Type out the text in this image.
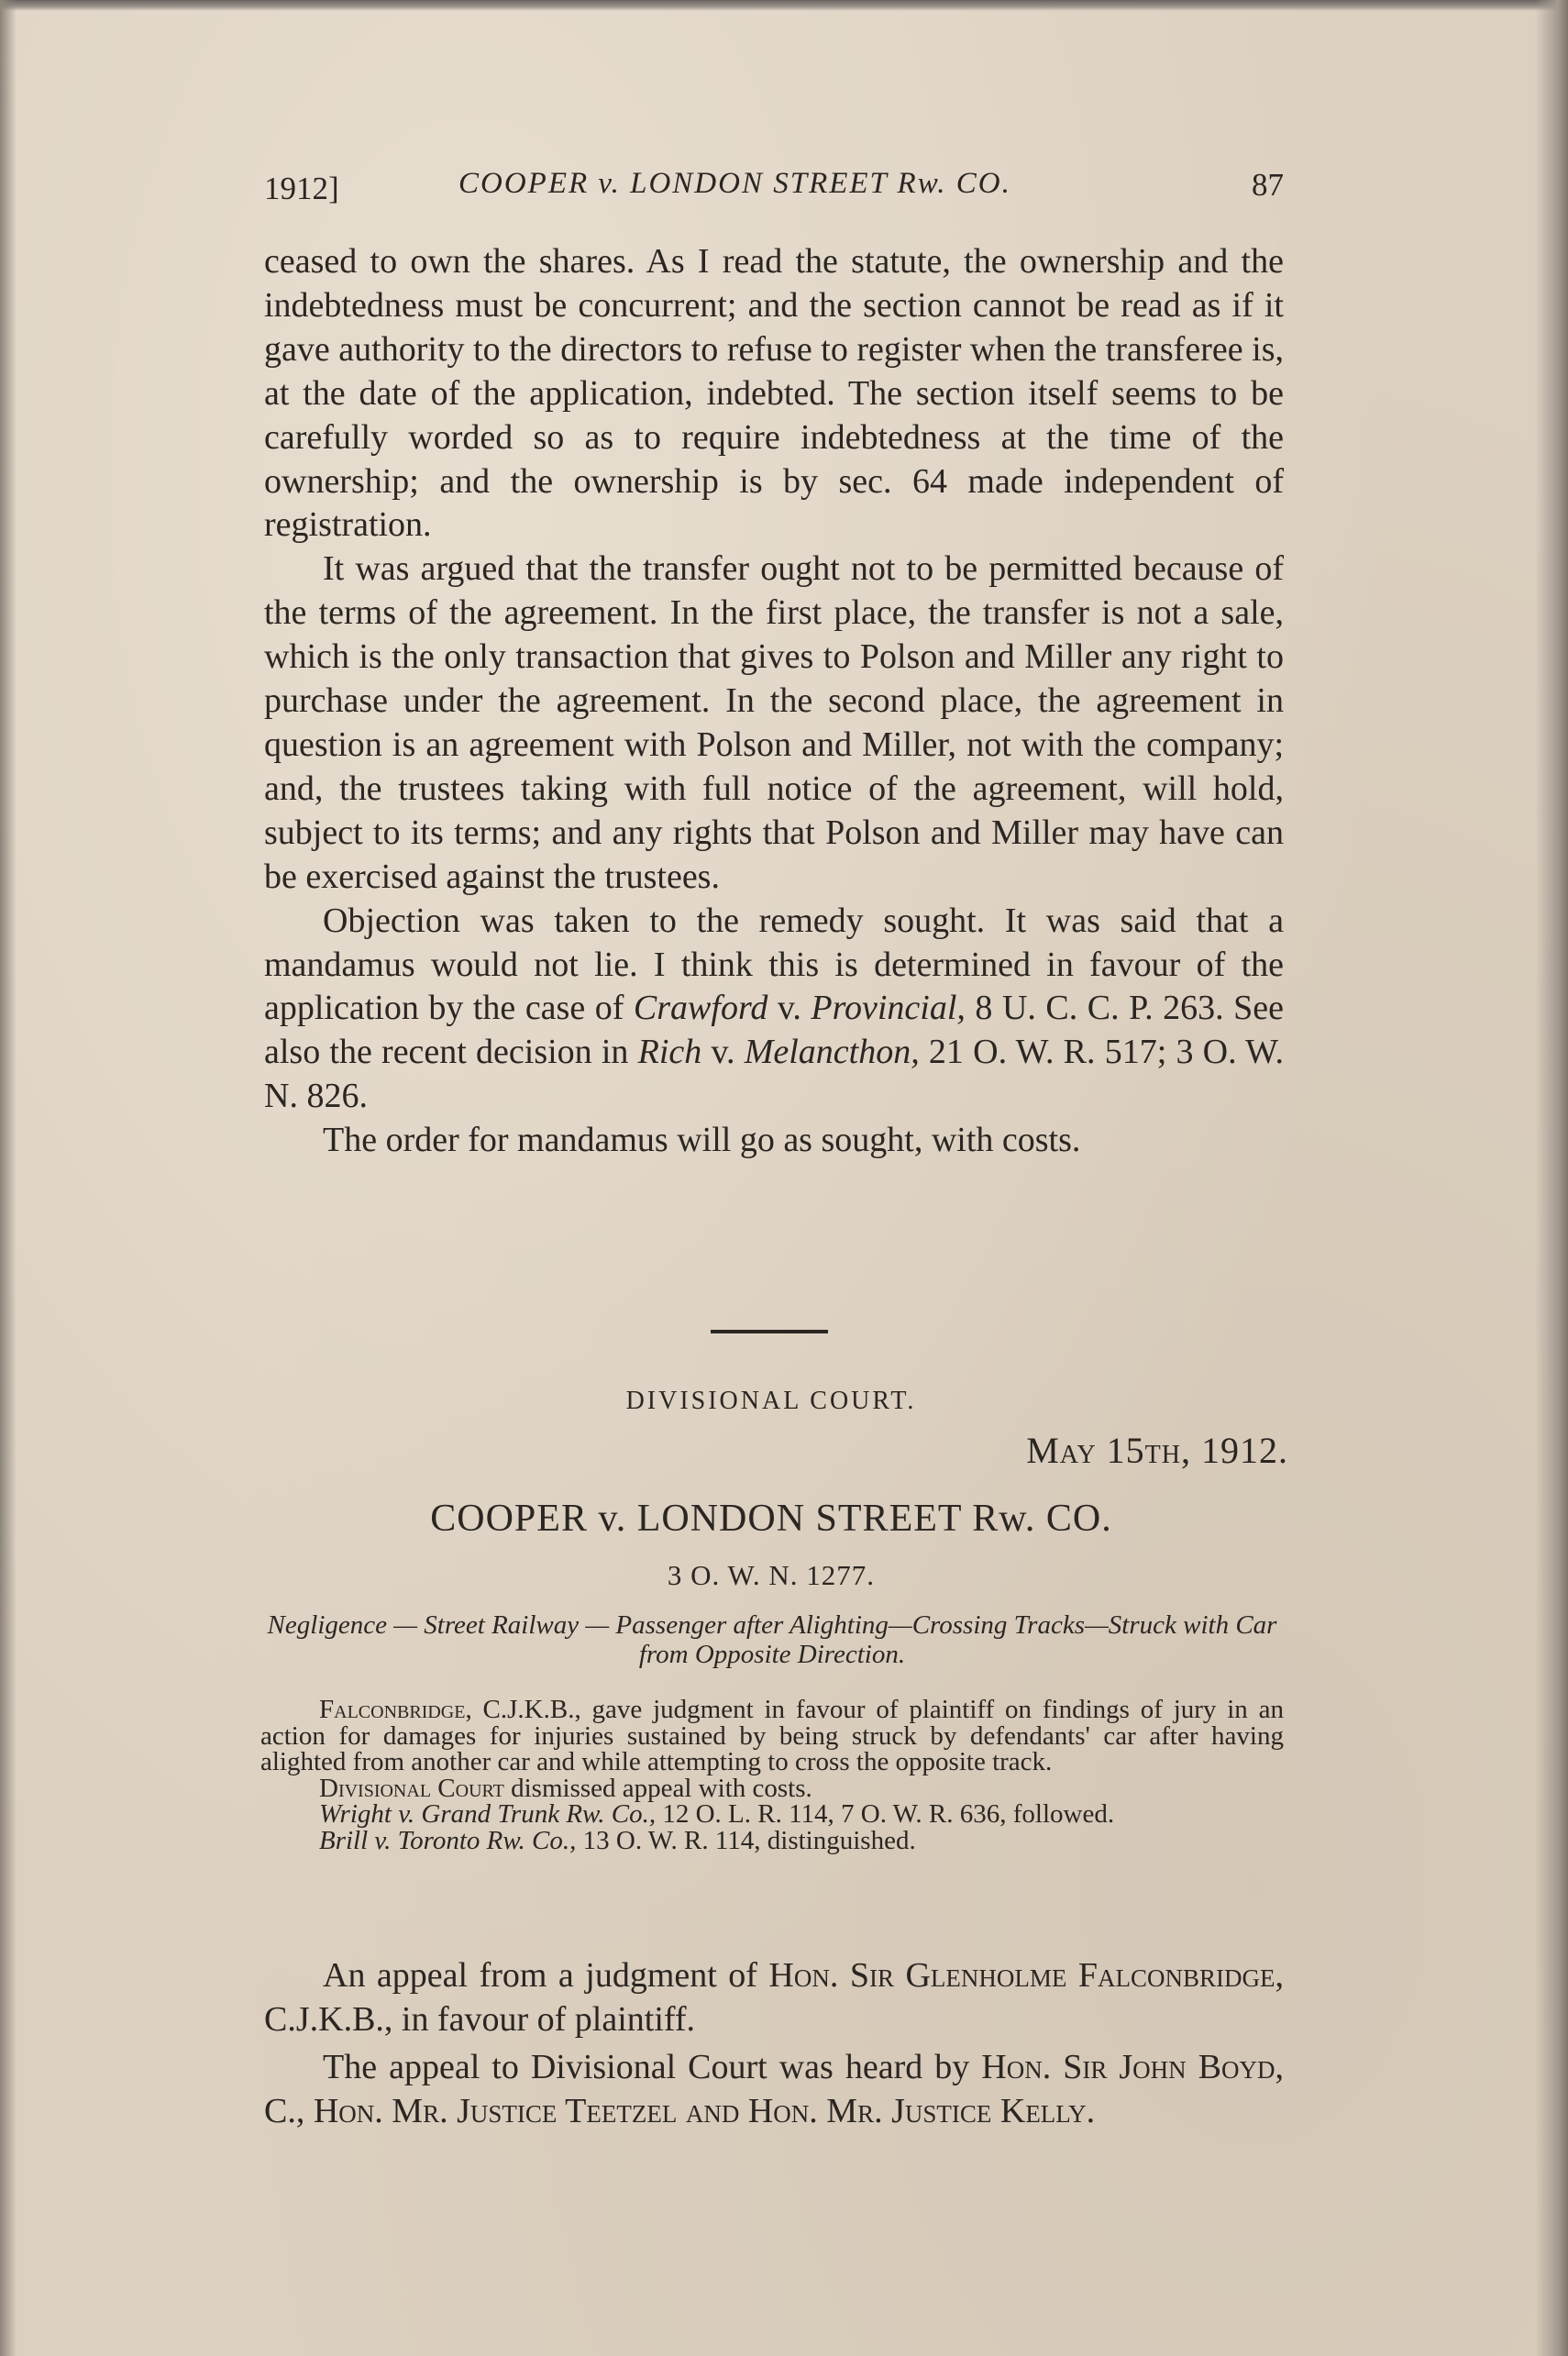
1912]	COOPER v. LONDON STREET Rw. CO.	87

ceased to own the shares. As I read the statute, the ownership and the indebtedness must be concurrent; and the section cannot be read as if it gave authority to the directors to refuse to register when the transferee is, at the date of the application, indebted. The section itself seems to be carefully worded so as to require indebtedness at the time of the ownership; and the ownership is by sec. 64 made independent of registration.

It was argued that the transfer ought not to be permitted because of the terms of the agreement. In the first place, the transfer is not a sale, which is the only transaction that gives to Polson and Miller any right to purchase under the agreement. In the second place, the agreement in question is an agreement with Polson and Miller, not with the company; and, the trustees taking with full notice of the agreement, will hold, subject to its terms; and any rights that Polson and Miller may have can be exercised against the trustees.

Objection was taken to the remedy sought. It was said that a mandamus would not lie. I think this is determined in favour of the application by the case of Crawford v. Provincial, 8 U. C. C. P. 263. See also the recent decision in Rich v. Melancthon, 21 O. W. R. 517; 3 O. W. N. 826.

The order for mandamus will go as sought, with costs.

DIVISIONAL COURT.
May 15th, 1912.
COOPER v. LONDON STREET Rw. CO.
3 O. W. N. 1277.
Negligence — Street Railway — Passenger after Alighting—Crossing Tracks—Struck with Car from Opposite Direction.

Falconbridge, C.J.K.B., gave judgment in favour of plaintiff on findings of jury in an action for damages for injuries sustained by being struck by defendants' car after having alighted from another car and while attempting to cross the opposite track.

Divisional Court dismissed appeal with costs.

Wright v. Grand Trunk Rw. Co., 12 O. L. R. 114, 7 O. W. R. 636, followed.

Brill v. Toronto Rw. Co., 13 O. W. R. 114, distinguished.

An appeal from a judgment of Hon. Sir Glenholme Falconbridge, C.J.K.B., in favour of plaintiff.

The appeal to Divisional Court was heard by Hon. Sir John Boyd, C., Hon. Mr. Justice Teetzel and Hon. Mr. Justice Kelly.
